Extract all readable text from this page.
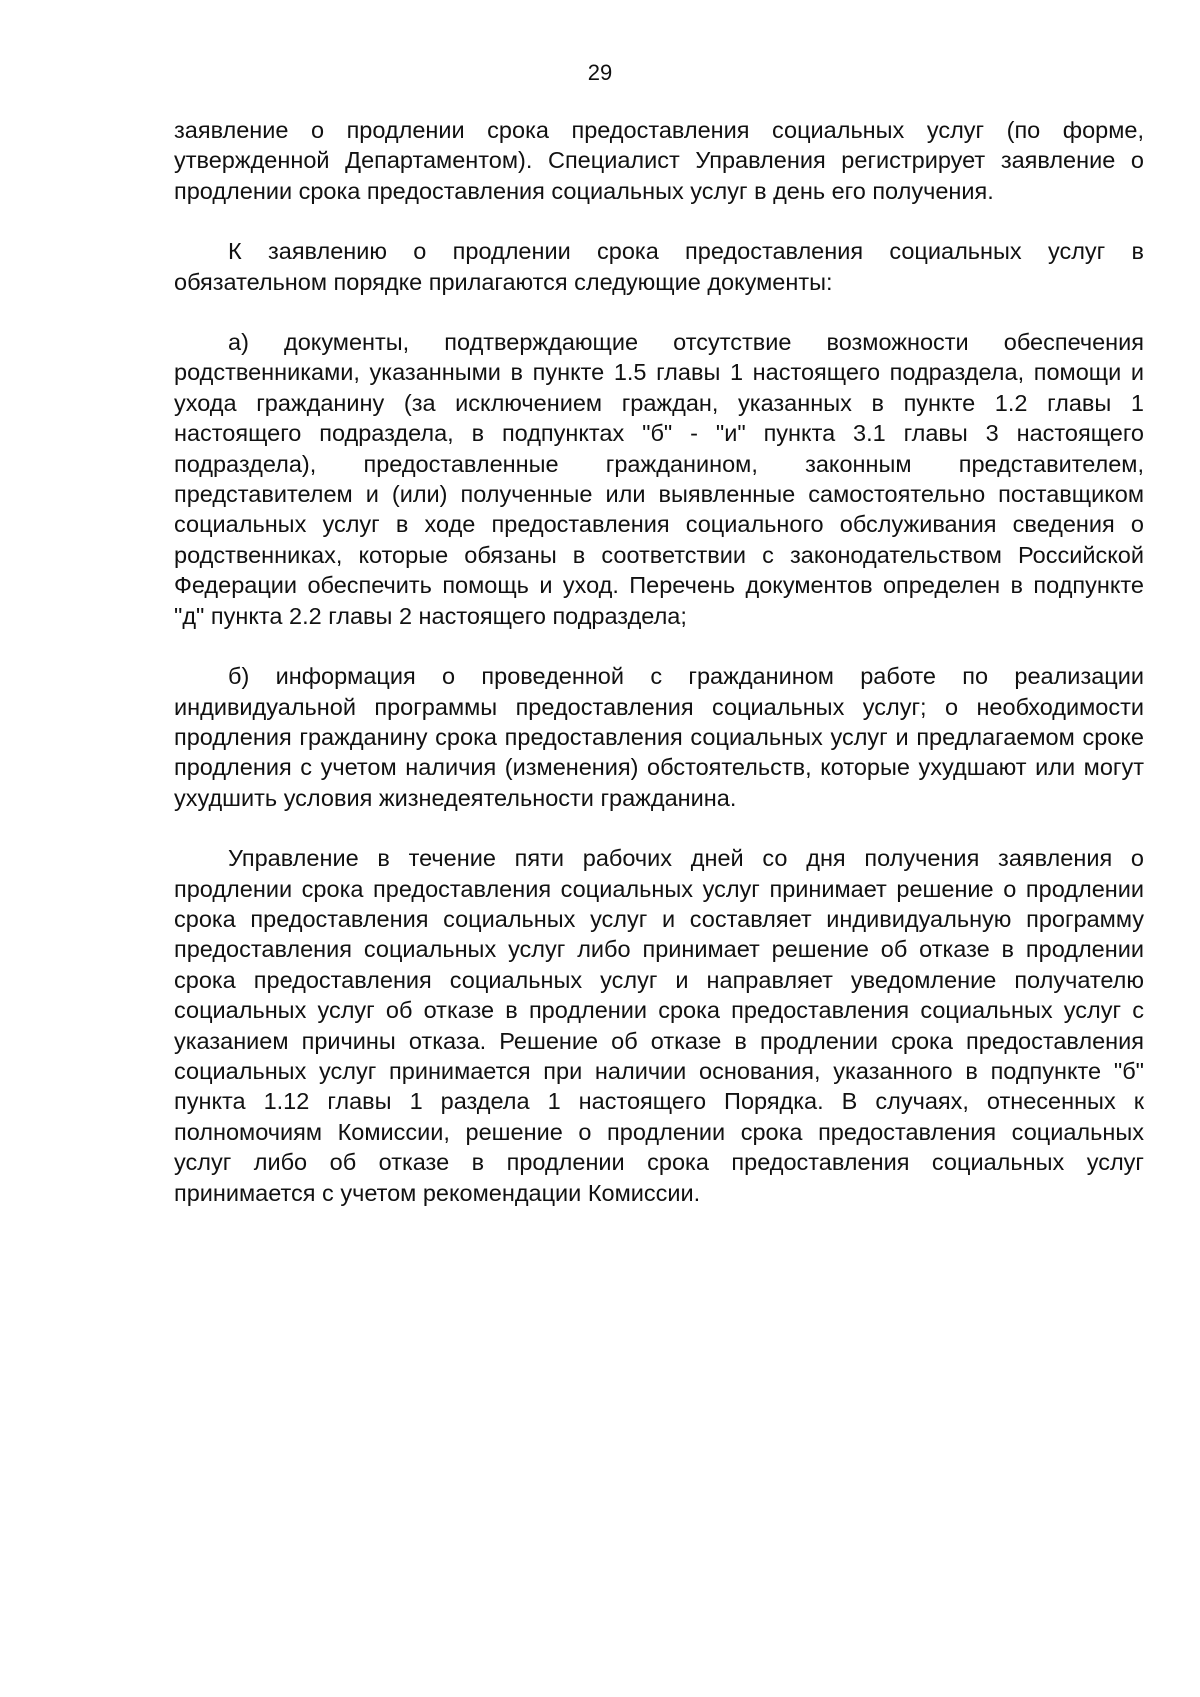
29

заявление о продлении срока предоставления социальных услуг (по форме, утвержденной Департаментом). Специалист Управления регистрирует заявление о продлении срока предоставления социальных услуг в день его получения.

К заявлению о продлении срока предоставления социальных услуг в обязательном порядке прилагаются следующие документы:

а) документы, подтверждающие отсутствие возможности обеспечения родственниками, указанными в пункте 1.5 главы 1 настоящего подраздела, помощи и ухода гражданину (за исключением граждан, указанных в пункте 1.2 главы 1 настоящего подраздела, в подпунктах "б" - "и" пункта 3.1 главы 3 настоящего подраздела), предоставленные гражданином, законным представителем, представителем и (или) полученные или выявленные самостоятельно поставщиком социальных услуг в ходе предоставления социального обслуживания сведения о родственниках, которые обязаны в соответствии с законодательством Российской Федерации обеспечить помощь и уход. Перечень документов определен в подпункте "д" пункта 2.2 главы 2 настоящего подраздела;

б) информация о проведенной с гражданином работе по реализации индивидуальной программы предоставления социальных услуг; о необходимости продления гражданину срока предоставления социальных услуг и предлагаемом сроке продления с учетом наличия (изменения) обстоятельств, которые ухудшают или могут ухудшить условия жизнедеятельности гражданина.

Управление в течение пяти рабочих дней со дня получения заявления о продлении срока предоставления социальных услуг принимает решение о продлении срока предоставления социальных услуг и составляет индивидуальную программу предоставления социальных услуг либо принимает решение об отказе в продлении срока предоставления социальных услуг и направляет уведомление получателю социальных услуг об отказе в продлении срока предоставления социальных услуг с указанием причины отказа. Решение об отказе в продлении срока предоставления социальных услуг принимается при наличии основания, указанного в подпункте "б" пункта 1.12 главы 1 раздела 1 настоящего Порядка. В случаях, отнесенных к полномочиям Комиссии, решение о продлении срока предоставления социальных услуг либо об отказе в продлении срока предоставления социальных услуг принимается с учетом рекомендации Комиссии.
